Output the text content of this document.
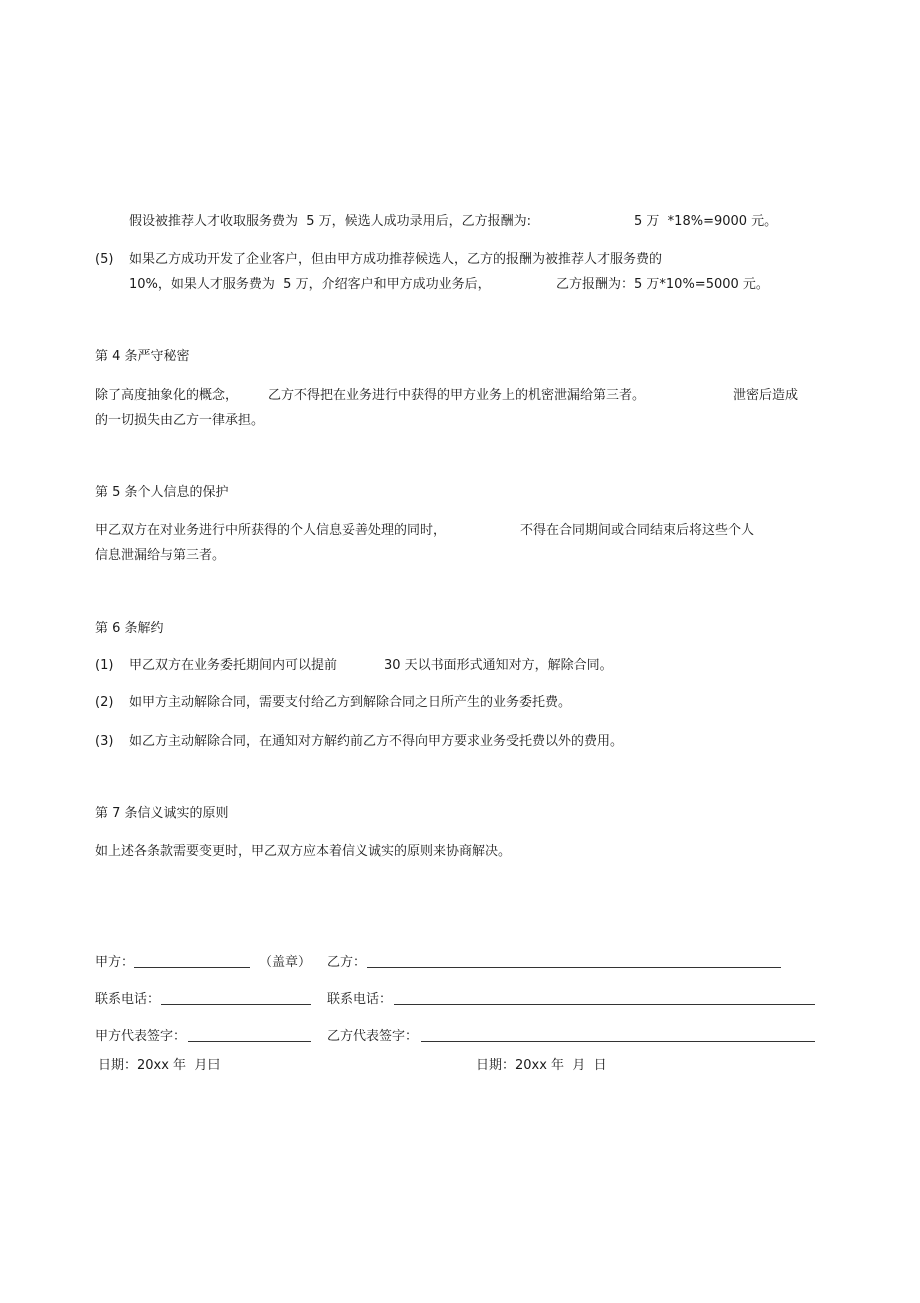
假设被推荐人才收取服务费为  5 万，候选人成功录用后，乙方报酬为:	5 万  *18%=9000 元。
(5) 如果乙方成功开发了企业客户，但由甲方成功推荐候选人，乙方的报酬为被推荐人才服务费的
10%，如果人才服务费为  5 万，介绍客户和甲方成功业务后，	乙方报酬为：5 万*10%=5000 元。
第 4 条严守秘密
除了高度抽象化的概念， 乙方不得把在业务进行中获得的甲方业务上的机密泄漏给第三者。	泄密后造成
的一切损失由乙方一律承担。
第 5 条个人信息的保护
甲乙双方在对业务进行中所获得的个人信息妥善处理的同时，	不得在合同期间或合同结束后将这些个人
信息泄漏给与第三者。
第 6 条解约
(1) 甲乙双方在业务委托期间内可以提前	30 天以书面形式通知对方，解除合同。
(2) 如甲方主动解除合同，需要支付给乙方到解除合同之日所产生的业务委托费。
(3) 如乙方主动解除合同，在通知对方解约前乙方不得向甲方要求业务受托费以外的费用。
第 7 条信义诚实的原则
如上述各条款需要变更时，甲乙双方应本着信义诚实的原则来协商解决。
甲方：	（盖章） 乙方：
联系电话：	联系电话：
甲方代表签字：	乙方代表签字：
日期：20xx 年  月曰	日期：20xx 年  月  日
